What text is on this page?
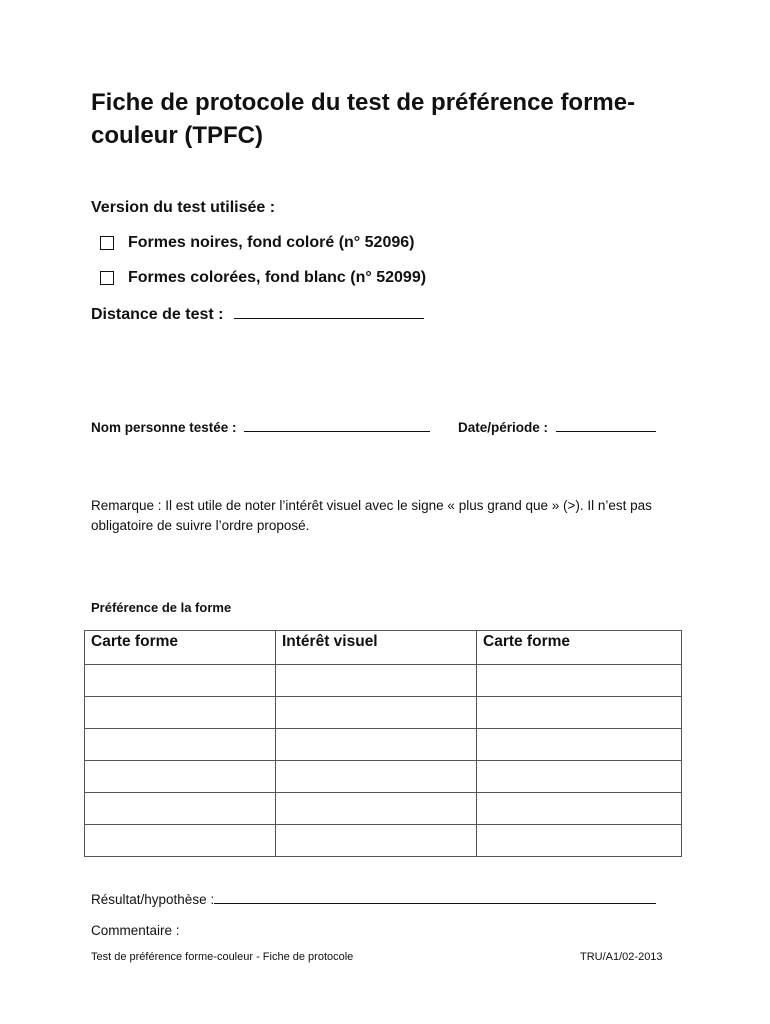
Fiche de protocole du test de préférence forme-couleur (TPFC)
Version du test utilisée :
Formes noires, fond coloré (n° 52096)
Formes colorées, fond blanc (n° 52099)
Distance de test :
Nom personne testée :	Date/période :
Remarque : Il est utile de noter l’intérêt visuel avec le signe « plus grand que » (>). Il n’est pas obligatoire de suivre l’ordre proposé.
Préférence de la forme
Carte forme	Intérêt visuel	Carte forme

Résultat/hypothèse :
Commentaire :
Test de préférence forme-couleur - Fiche de protocole	TRU/A1/02-2013
